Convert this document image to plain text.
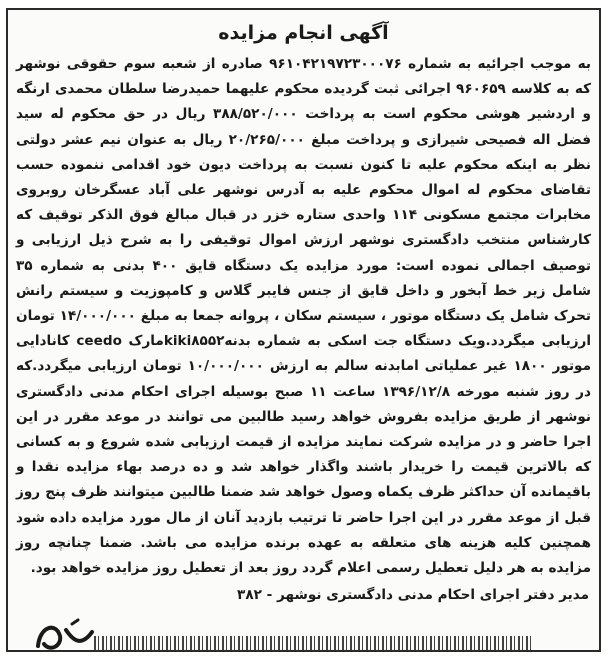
آگهی انجام مزایده

به موجب اجرائیه به شماره ۹۶۱۰۴۲۱۹۷۲۳۰۰۰۷۶ صادره از شعبه سوم حقوقی نوشهر که به کلاسه ۹۶۰۶۵۹ اجرائی ثبت گردیده محکوم علیهما حمیدرضا سلطان محمدی ارنگه و اردشیر هوشی محکوم است به پرداخت ۳۸۸/۵۲۰/۰۰۰ ریال در حق محکوم له سید فضل اله فصیحی شیرازی و پرداخت مبلغ ۲۰/۲۶۵/۰۰۰ ریال به عنوان نیم عشر دولتی نظر به اینکه محکوم علیه تا کنون نسبت به پرداخت دیون خود اقدامی ننموده حسب تقاضای محکوم له اموال محکوم علیه به آدرس نوشهر علی آباد عسگرخان روبروی مخابرات مجتمع مسکونی ۱۱۴ واحدی ستاره خزر در قبال مبالغ فوق الذکر توقیف که کارشناس منتخب دادگستری نوشهر ارزش اموال توقیفی را به شرح ذیل ارزیابی و توصیف اجمالی نموده است: مورد مزایده یک دستگاه قایق ۴۰۰ بدنی به شماره ۳۵ شامل زیر خط آبخور و داخل قایق از جنس فایبر گلاس و کامپوزیت و سیستم رانش تحرک شامل یک دستگاه موتور ، سیستم سکان ، پروانه جمعا به مبلغ ۱۴/۰۰۰/۰۰۰ تومان ارزیابی میگردد.ویک دستگاه جت اسکی به شماره بدنهkiki۸۵۵۲مارک ceedo کانادایی موتور ۱۸۰۰ غیر عملیاتی امابدنه سالم به ارزش ۱۰/۰۰۰/۰۰۰ تومان ارزیابی میگردد.که در روز شنبه مورخه ۱۳۹۶/۱۲/۸ ساعت ۱۱ صبح بوسیله اجرای احکام مدنی دادگستری نوشهر از طریق مزایده بفروش خواهد رسید طالبین می توانند در موعد مقرر در این اجرا حاضر و در مزایده شرکت نمایند مزایده از قیمت ارزیابی شده شروع و به کسانی که بالاترین قیمت را خریدار باشند واگذار خواهد شد و ده درصد بهاء مزایده نقدا و باقیمانده آن حداکثر ظرف یکماه وصول خواهد شد ضمنا طالبین میتوانند ظرف پنج روز قبل از موعد مقرر در این اجرا حاضر تا ترتیب بازدید آنان از مال مورد مزایده داده شود همچنین کلیه هزینه های متعلقه به عهده برنده مزایده می باشد. ضمنا چنانچه روز مزایده به هر دلیل تعطیل رسمی اعلام گردد روز بعد از تعطیل روز مزایده خواهد بود.

مدیر دفتر اجرای احکام مدنی دادگستری نوشهر - ۳۸۲
